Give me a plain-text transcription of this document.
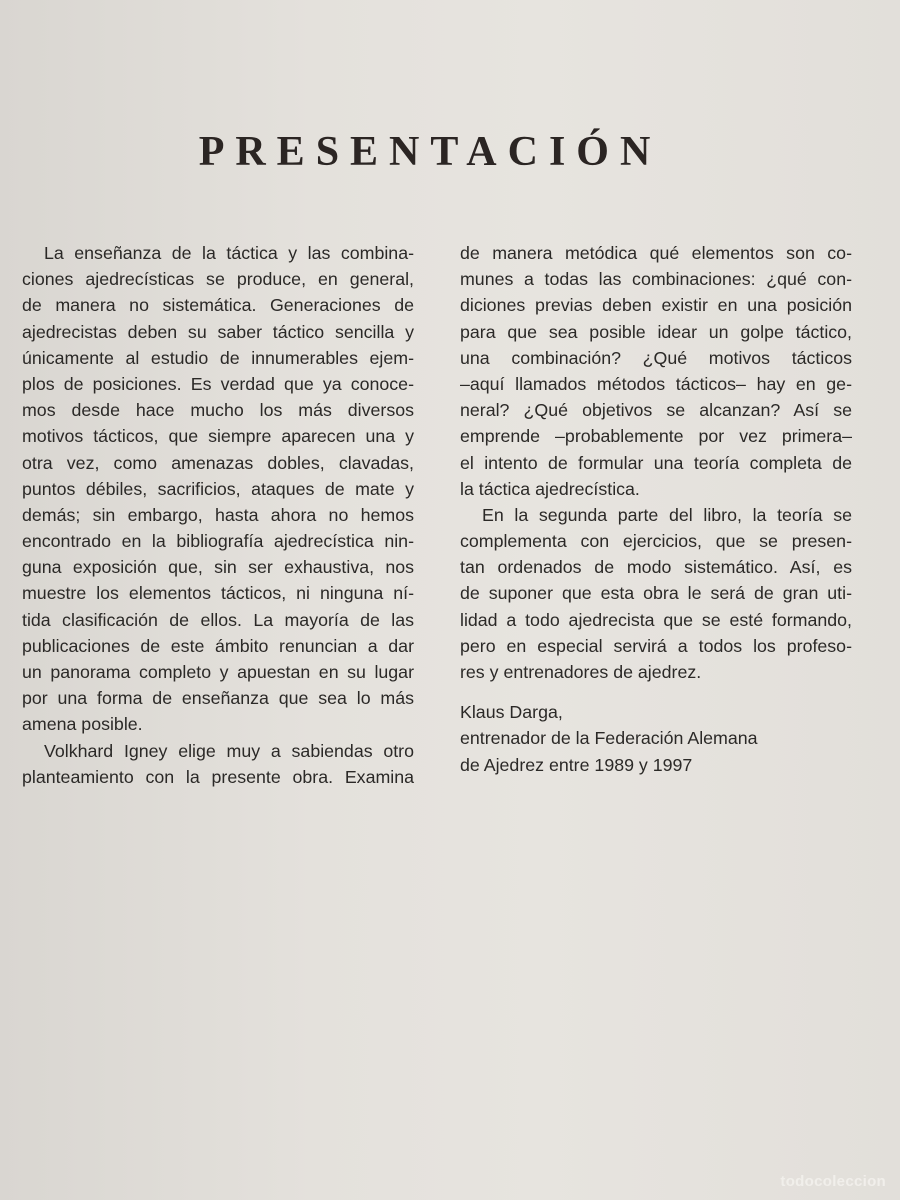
PRESENTACIÓN
La enseñanza de la táctica y las combina-
ciones ajedrecísticas se produce, en general,
de manera no sistemática. Generaciones de
ajedrecistas deben su saber táctico sencilla y
únicamente al estudio de innumerables ejem-
plos de posiciones. Es verdad que ya conoce-
mos desde hace mucho los más diversos
motivos tácticos, que siempre aparecen una y
otra vez, como amenazas dobles, clavadas,
puntos débiles, sacrificios, ataques de mate y
demás; sin embargo, hasta ahora no hemos
encontrado en la bibliografía ajedrecística nin-
guna exposición que, sin ser exhaustiva, nos
muestre los elementos tácticos, ni ninguna ní-
tida clasificación de ellos. La mayoría de las
publicaciones de este ámbito renuncian a dar
un panorama completo y apuestan en su lugar
por una forma de enseñanza que sea lo más
amena posible.
Volkhard Igney elige muy a sabiendas otro
planteamiento con la presente obra. Examina
de manera metódica qué elementos son co-
munes a todas las combinaciones: ¿qué con-
diciones previas deben existir en una posición
para que sea posible idear un golpe táctico,
una combinación? ¿Qué motivos tácticos
–aquí llamados métodos tácticos– hay en ge-
neral? ¿Qué objetivos se alcanzan? Así se
emprende –probablemente por vez primera–
el intento de formular una teoría completa de
la táctica ajedrecística.
En la segunda parte del libro, la teoría se
complementa con ejercicios, que se presen-
tan ordenados de modo sistemático. Así, es
de suponer que esta obra le será de gran uti-
lidad a todo ajedrecista que se esté formando,
pero en especial servirá a todos los profeso-
res y entrenadores de ajedrez.
Klaus Darga,
entrenador de la Federación Alemana
de Ajedrez entre 1989 y 1997
todocoleccion
